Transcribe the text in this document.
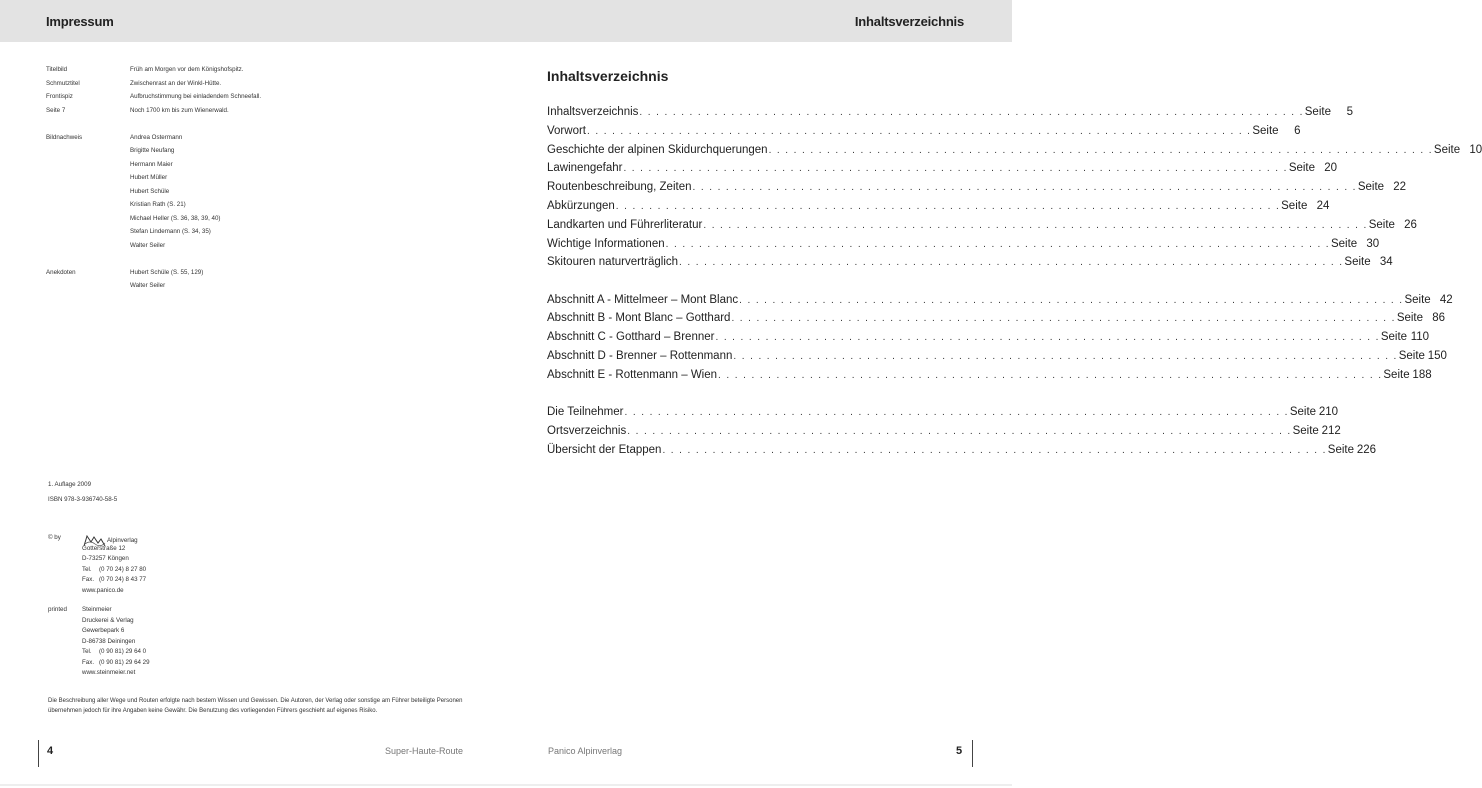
Impressum	Inhaltsverzeichnis
Titelbild	Früh am Morgen vor dem Königshofspitz.
Schmutztitel	Zwischenrast an der Winkl-Hütte.
Frontispiz	Aufbruchstimmung bei einladendem Schneefall.
Seite 7	Noch 1700 km bis zum Wienerwald.
Bildnachweis	Andrea Ostermann
Brigitte Neufang
Hermann Maier
Hubert Müller
Hubert Schüle
Kristian Rath (S. 21)
Michael Heller (S. 36, 38, 39, 40)
Stefan Lindemann (S. 34, 35)
Walter Seiler
Anekdoten	Hubert Schüle (S. 55, 129)
Walter Seiler
1. Auflage 2009
ISBN 978-3-936740-58-5
© by	Alpinverlag
Gotterstraße 12
D-73257 Köngen
Tel. (0 70 24) 8 27 80
Fax. (0 70 24) 8 43 77
www.panico.de
printed Steinmeier
Druckerei & Verlag
Gewerbepark 6
D-86738 Deiningen
Tel. (0 90 81) 29 64 0
Fax. (0 90 81) 29 64 29
www.steinmeier.net
Die Beschreibung aller Wege und Routen erfolgte nach bestem Wissen und Gewissen. Die Autoren, der Verlag oder sonstige am Führer beteiligte Personen übernehmen jedoch für ihre Angaben keine Gewähr. Die Benutzung des vorliegenden Führers geschieht auf eigenes Risiko.
Inhaltsverzeichnis
Inhaltsverzeichnis . . . . . . . . . . . . . . . . . . . . . . . . . . . . . . . . . . . . . . . . . . . . . . . . . . . . . . . . . . . . . . . . . . . . . . . . . . . . . . . . Seite	5
Vorwort . . . . . . . . . . . . . . . . . . . . . . . . . . . . . . . . . . . . . . . . . . . . . . . . . . . . . . . . . . . . . . . . . . . . . . . . . . . . . . . . Seite	6
Geschichte der alpinen Skidurchquerungen . . . . . . . . . . . . . . . . . . . . . . . . . . . . . . . . . . . . . . . . . . . . . . . . . . . . . . . . . . . . . . . . . . . . . . . . . . . . . . . . Seite 10
Lawinengefahr . . . . . . . . . . . . . . . . . . . . . . . . . . . . . . . . . . . . . . . . . . . . . . . . . . . . . . . . . . . . . . . . . . . . . . . . . . . . . . . . Seite 20
Routenbeschreibung, Zeiten . . . . . . . . . . . . . . . . . . . . . . . . . . . . . . . . . . . . . . . . . . . . . . . . . . . . . . . . . . . . . . . . . . . . . . . . . . . . . . . . Seite 22
Abkürzungen . . . . . . . . . . . . . . . . . . . . . . . . . . . . . . . . . . . . . . . . . . . . . . . . . . . . . . . . . . . . . . . . . . . . . . . . . . . . . . . . Seite 24
Landkarten und Führerliteratur . . . . . . . . . . . . . . . . . . . . . . . . . . . . . . . . . . . . . . . . . . . . . . . . . . . . . . . . . . . . . . . . . . . . . . . . . . . . . . . . Seite 26
Wichtige Informationen . . . . . . . . . . . . . . . . . . . . . . . . . . . . . . . . . . . . . . . . . . . . . . . . . . . . . . . . . . . . . . . . . . . . . . . . . . . . . . . . Seite 30
Skitouren naturverträglich . . . . . . . . . . . . . . . . . . . . . . . . . . . . . . . . . . . . . . . . . . . . . . . . . . . . . . . . . . . . . . . . . . . . . . . . . . . . . . . . Seite 34
Abschnitt A - Mittelmeer – Mont Blanc . . . . . . . . . . . . . . . . . . . . . . . . . . . . . . . . . . . . . . . . . . . . . . . . . . . . . . . . . . . . . . . . . . . . . . . . . . . . . . . . Seite 42
Abschnitt B - Mont Blanc – Gotthard . . . . . . . . . . . . . . . . . . . . . . . . . . . . . . . . . . . . . . . . . . . . . . . . . . . . . . . . . . . . . . . . . . . . . . . . . . . . . . . . Seite 86
Abschnitt C - Gotthard – Brenner . . . . . . . . . . . . . . . . . . . . . . . . . . . . . . . . . . . . . . . . . . . . . . . . . . . . . . . . . . . . . . . . . . . . . . . . . . . . . . . . Seite 110
Abschnitt D - Brenner – Rottenmann . . . . . . . . . . . . . . . . . . . . . . . . . . . . . . . . . . . . . . . . . . . . . . . . . . . . . . . . . . . . . . . . . . . . . . . . . . . . . . . . Seite 150
Abschnitt E - Rottenmann – Wien . . . . . . . . . . . . . . . . . . . . . . . . . . . . . . . . . . . . . . . . . . . . . . . . . . . . . . . . . . . . . . . . . . . . . . . . . . . . . . . . Seite 188
Die Teilnehmer . . . . . . . . . . . . . . . . . . . . . . . . . . . . . . . . . . . . . . . . . . . . . . . . . . . . . . . . . . . . . . . . . . . . . . . . . . . . . . . . Seite 210
Ortsverzeichnis . . . . . . . . . . . . . . . . . . . . . . . . . . . . . . . . . . . . . . . . . . . . . . . . . . . . . . . . . . . . . . . . . . . . . . . . . . . . . . . . Seite 212
Übersicht der Etappen . . . . . . . . . . . . . . . . . . . . . . . . . . . . . . . . . . . . . . . . . . . . . . . . . . . . . . . . . . . . . . . . . . . . . . . . . . . . . . . . Seite 226
4	Super-Haute-Route	Panico Alpinverlag	5
